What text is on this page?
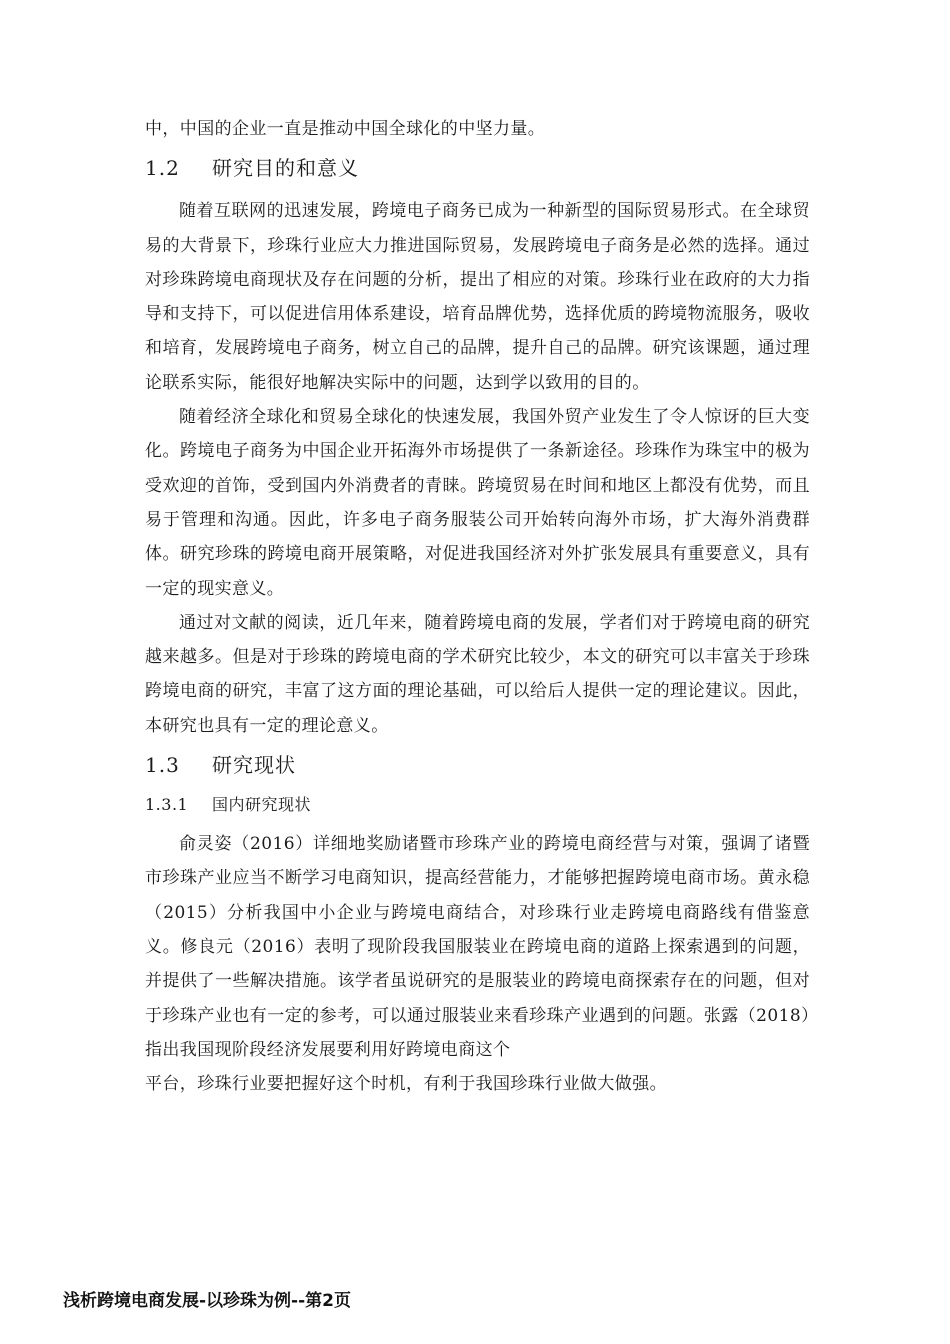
中，中国的企业一直是推动中国全球化的中坚力量。

1.2 研究目的和意义

随着互联网的迅速发展，跨境电子商务已成为一种新型的国际贸易形式。在全球贸易的大背景下，珍珠行业应大力推进国际贸易，发展跨境电子商务是必然的选择。通过对珍珠跨境电商现状及存在问题的分析，提出了相应的对策。珍珠行业在政府的大力指导和支持下，可以促进信用体系建设，培育品牌优势，选择优质的跨境物流服务，吸收和培育，发展跨境电子商务，树立自己的品牌，提升自己的品牌。研究该课题，通过理论联系实际，能很好地解决实际中的问题，达到学以致用的目的。

随着经济全球化和贸易全球化的快速发展，我国外贸产业发生了令人惊讶的巨大变化。跨境电子商务为中国企业开拓海外市场提供了一条新途径。珍珠作为珠宝中的极为受欢迎的首饰，受到国内外消费者的青睐。跨境贸易在时间和地区上都没有优势，而且易于管理和沟通。因此，许多电子商务服装公司开始转向海外市场，扩大海外消费群体。研究珍珠的跨境电商开展策略，对促进我国经济对外扩张发展具有重要意义，具有一定的现实意义。

通过对文献的阅读，近几年来，随着跨境电商的发展，学者们对于跨境电商的研究越来越多。但是对于珍珠的跨境电商的学术研究比较少，本文的研究可以丰富关于珍珠跨境电商的研究，丰富了这方面的理论基础，可以给后人提供一定的理论建议。因此，本研究也具有一定的理论意义。

1.3 研究现状
1.3.1 国内研究现状

俞灵姿（2016）详细地奖励诸暨市珍珠产业的跨境电商经营与对策，强调了诸暨市珍珠产业应当不断学习电商知识，提高经营能力，才能够把握跨境电商市场。黄永稳（2015）分析我国中小企业与跨境电商结合，对珍珠行业走跨境电商路线有借鉴意义。修良元（2016）表明了现阶段我国服装业在跨境电商的道路上探索遇到的问题，并提供了一些解决措施。该学者虽说研究的是服装业的跨境电商探索存在的问题，但对于珍珠产业也有一定的参考，可以通过服装业来看珍珠产业遇到的问题。张露（2018）指出我国现阶段经济发展要利用好跨境电商这个

平台，珍珠行业要把握好这个时机，有利于我国珍珠行业做大做强。

浅析跨境电商发展-以珍珠为例--第2页
